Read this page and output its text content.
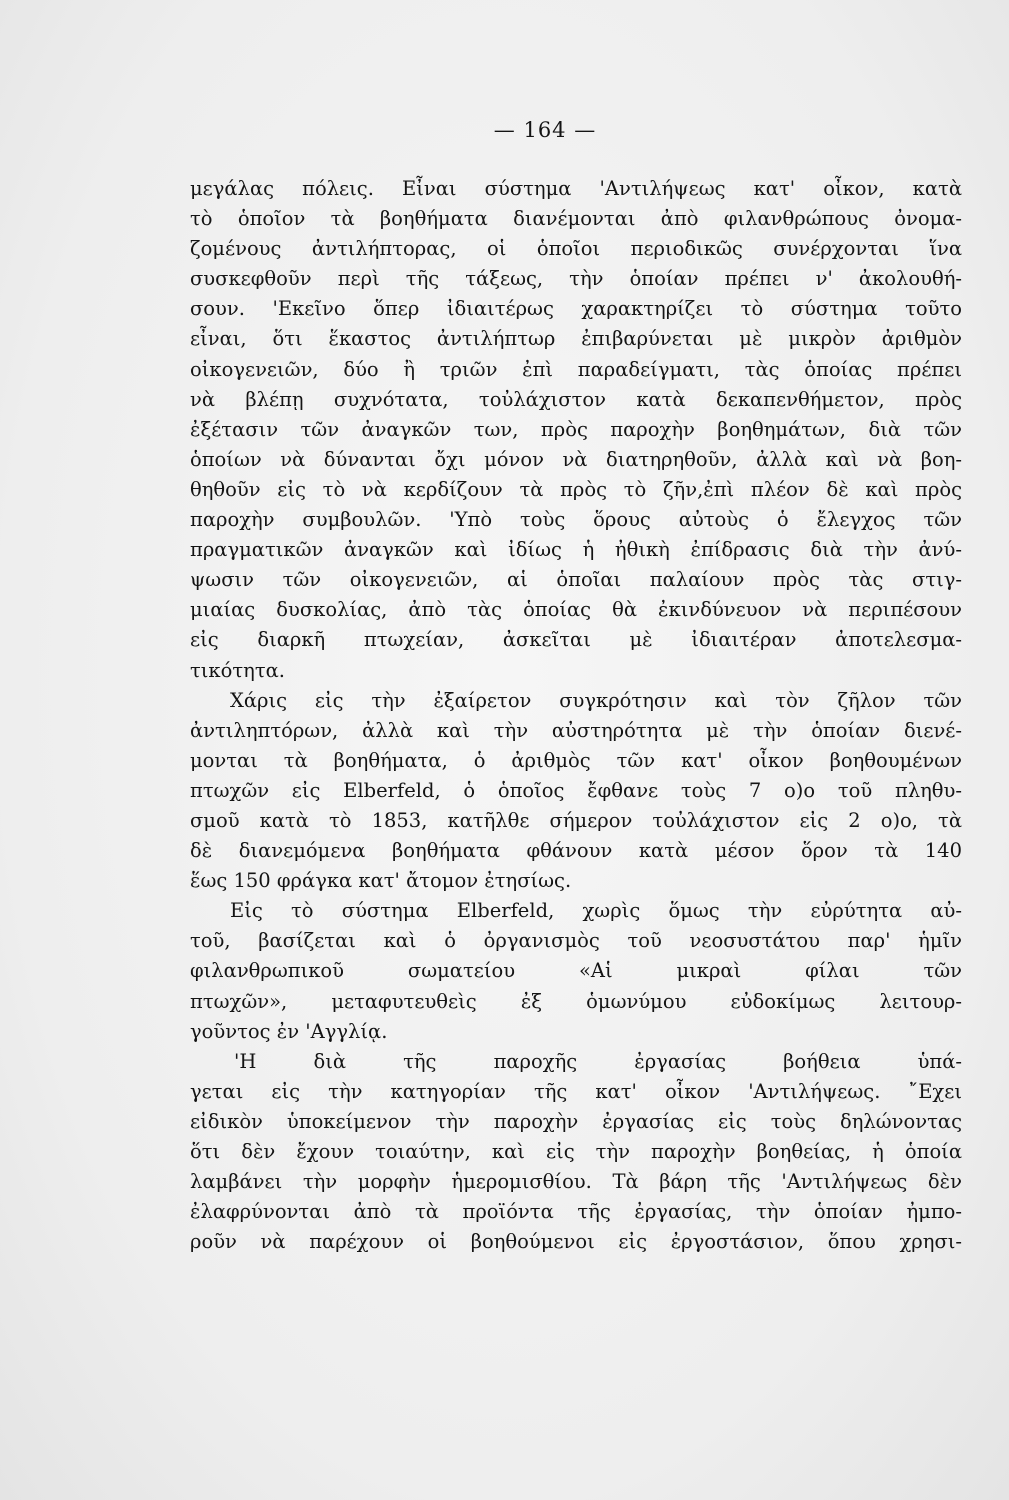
— 164 —
μεγάλας πόλεις. Εἶναι σύστημα 'Αντιλήψεως κατ' οἶκον, κατὰ
τὸ ὁποῖον τὰ βοηθήματα διανέμονται ἀπὸ φιλανθρώπους ὀνομα-
ζομένους ἀντιλήπτορας, οἱ ὁποῖοι περιοδικῶς συνέρχονται ἵνα
συσκεφθοῦν περὶ τῆς τάξεως, τὴν ὁποίαν πρέπει ν' ἀκολουθή-
σουν. 'Εκεῖνο ὅπερ ἰδιαιτέρως χαρακτηρίζει τὸ σύστημα τοῦτο
εἶναι, ὅτι ἕκαστος ἀντιλήπτωρ ἐπιβαρύνεται μὲ μικρὸν ἀριθμὸν
οἰκογενειῶν, δύο ἢ τριῶν ἐπὶ παραδείγματι, τὰς ὁποίας πρέπει
νὰ βλέπῃ συχνότατα, τοὐλάχιστον κατὰ δεκαπενθήμετον, πρὸς
ἐξέτασιν τῶν ἀναγκῶν των, πρὸς παροχὴν βοηθημάτων, διὰ τῶν
ὁποίων νὰ δύνανται ὄχι μόνον νὰ διατηρηθοῦν, ἀλλὰ καὶ νὰ βοη-
θηθοῦν εἰς τὸ νὰ κερδίζουν τὰ πρὸς τὸ ζῆν,ἐπὶ πλέον δὲ καὶ πρὸς
παροχὴν συμβουλῶν. 'Υπὸ τοὺς ὅρους αὐτοὺς ὁ ἔλεγχος τῶν
πραγματικῶν ἀναγκῶν καὶ ἰδίως ἡ ἠθικὴ ἐπίδρασις διὰ τὴν ἀνύ-
ψωσιν τῶν οἰκογενειῶν, αἱ ὁποῖαι παλαίουν πρὸς τὰς στιγ-
μιαίας δυσκολίας, ἀπὸ τὰς ὁποίας θὰ ἐκινδύνευον νὰ περιπέσουν
εἰς διαρκῆ πτωχείαν, ἀσκεῖται μὲ ἰδιαιτέραν ἀποτελεσμα-
τικότητα.
Χάρις εἰς τὴν ἐξαίρετον συγκρότησιν καὶ τὸν ζῆλον τῶν
ἀντιληπτόρων, ἀλλὰ καὶ τὴν αὐστηρότητα μὲ τὴν ὁποίαν διενέ-
μονται τὰ βοηθήματα, ὁ ἀριθμὸς τῶν κατ' οἶκον βοηθουμένων
πτωχῶν εἰς Elberfeld, ὁ ὁποῖος ἔφθανε τοὺς 7 ο)ο τοῦ πληθυ-
σμοῦ κατὰ τὸ 1853, κατῆλθε σήμερον τοὐλάχιστον εἰς 2 ο)ο, τὰ
δὲ διανεμόμενα βοηθήματα φθάνουν κατὰ μέσον ὅρον τὰ 140
ἕως 150 φράγκα κατ' ἄτομον ἐτησίως.
Εἰς τὸ σύστημα Elberfeld, χωρὶς ὅμως τὴν εὐρύτητα αὐ-
τοῦ, βασίζεται καὶ ὁ ὀργανισμὸς τοῦ νεοσυστάτου παρ' ἡμῖν
φιλανθρωπικοῦ σωματείου «Αἱ μικραὶ φίλαι τῶν
πτωχῶν», μεταφυτευθεὶς ἐξ ὁμωνύμου εὐδοκίμως λειτουρ-
γοῦντος ἐν 'Αγγλίᾳ.
'Η διὰ τῆς παροχῆς ἐργασίας βοήθεια ὑπά-
γεται εἰς τὴν κατηγορίαν τῆς κατ' οἶκον 'Αντιλήψεως. ῎Εχει
εἰδικὸν ὑποκείμενον τὴν παροχὴν ἐργασίας εἰς τοὺς δηλώνοντας
ὅτι δὲν ἔχουν τοιαύτην, καὶ εἰς τὴν παροχὴν βοηθείας, ἡ ὁποία
λαμβάνει τὴν μορφὴν ἡμερομισθίου. Τὰ βάρη τῆς 'Αντιλήψεως δὲν
ἐλαφρύνονται ἀπὸ τὰ προϊόντα τῆς ἐργασίας, τὴν ὁποίαν ἠμπο-
ροῦν νὰ παρέχουν οἱ βοηθούμενοι εἰς ἐργοστάσιον, ὅπου χρησι-
